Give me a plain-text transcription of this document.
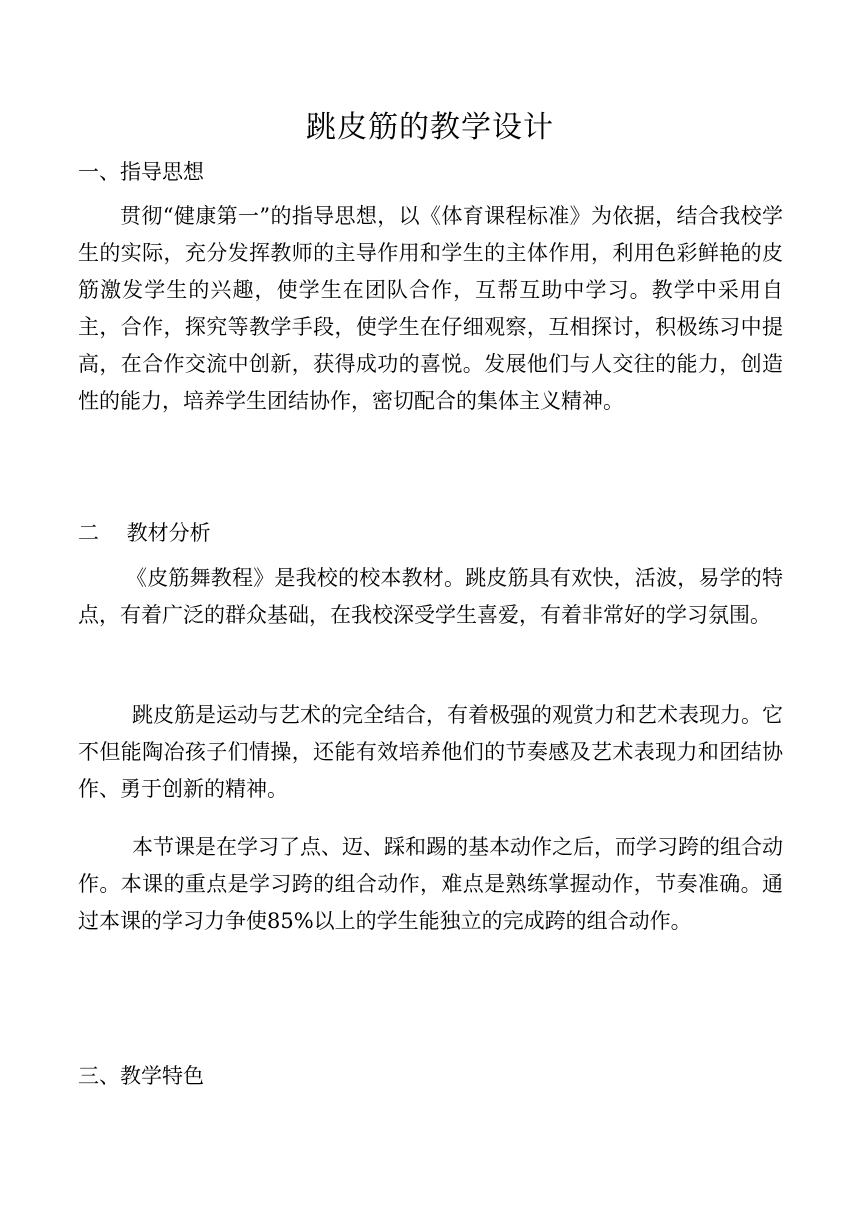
跳皮筋的教学设计
一、指导思想
贯彻“健康第一”的指导思想，以《体育课程标准》为依据，结合我校学生的实际，充分发挥教师的主导作用和学生的主体作用，利用色彩鲜艳的皮筋激发学生的兴趣，使学生在团队合作，互帮互助中学习。教学中采用自主，合作，探究等教学手段，使学生在仔细观察，互相探讨，积极练习中提高，在合作交流中创新，获得成功的喜悦。发展他们与人交往的能力，创造性的能力，培养学生团结协作，密切配合的集体主义精神。
二　 教材分析
《皮筋舞教程》是我校的校本教材。跳皮筋具有欢快，活波，易学的特点，有着广泛的群众基础，在我校深受学生喜爱，有着非常好的学习氛围。
跳皮筋是运动与艺术的完全结合，有着极强的观赏力和艺术表现力。它不但能陶冶孩子们情操，还能有效培养他们的节奏感及艺术表现力和团结协作、勇于创新的精神。
本节课是在学习了点、迈、踩和踢的基本动作之后，而学习跨的组合动作。本课的重点是学习跨的组合动作，难点是熟练掌握动作，节奏准确。通过本课的学习力争使85%以上的学生能独立的完成跨的组合动作。
三、教学特色
